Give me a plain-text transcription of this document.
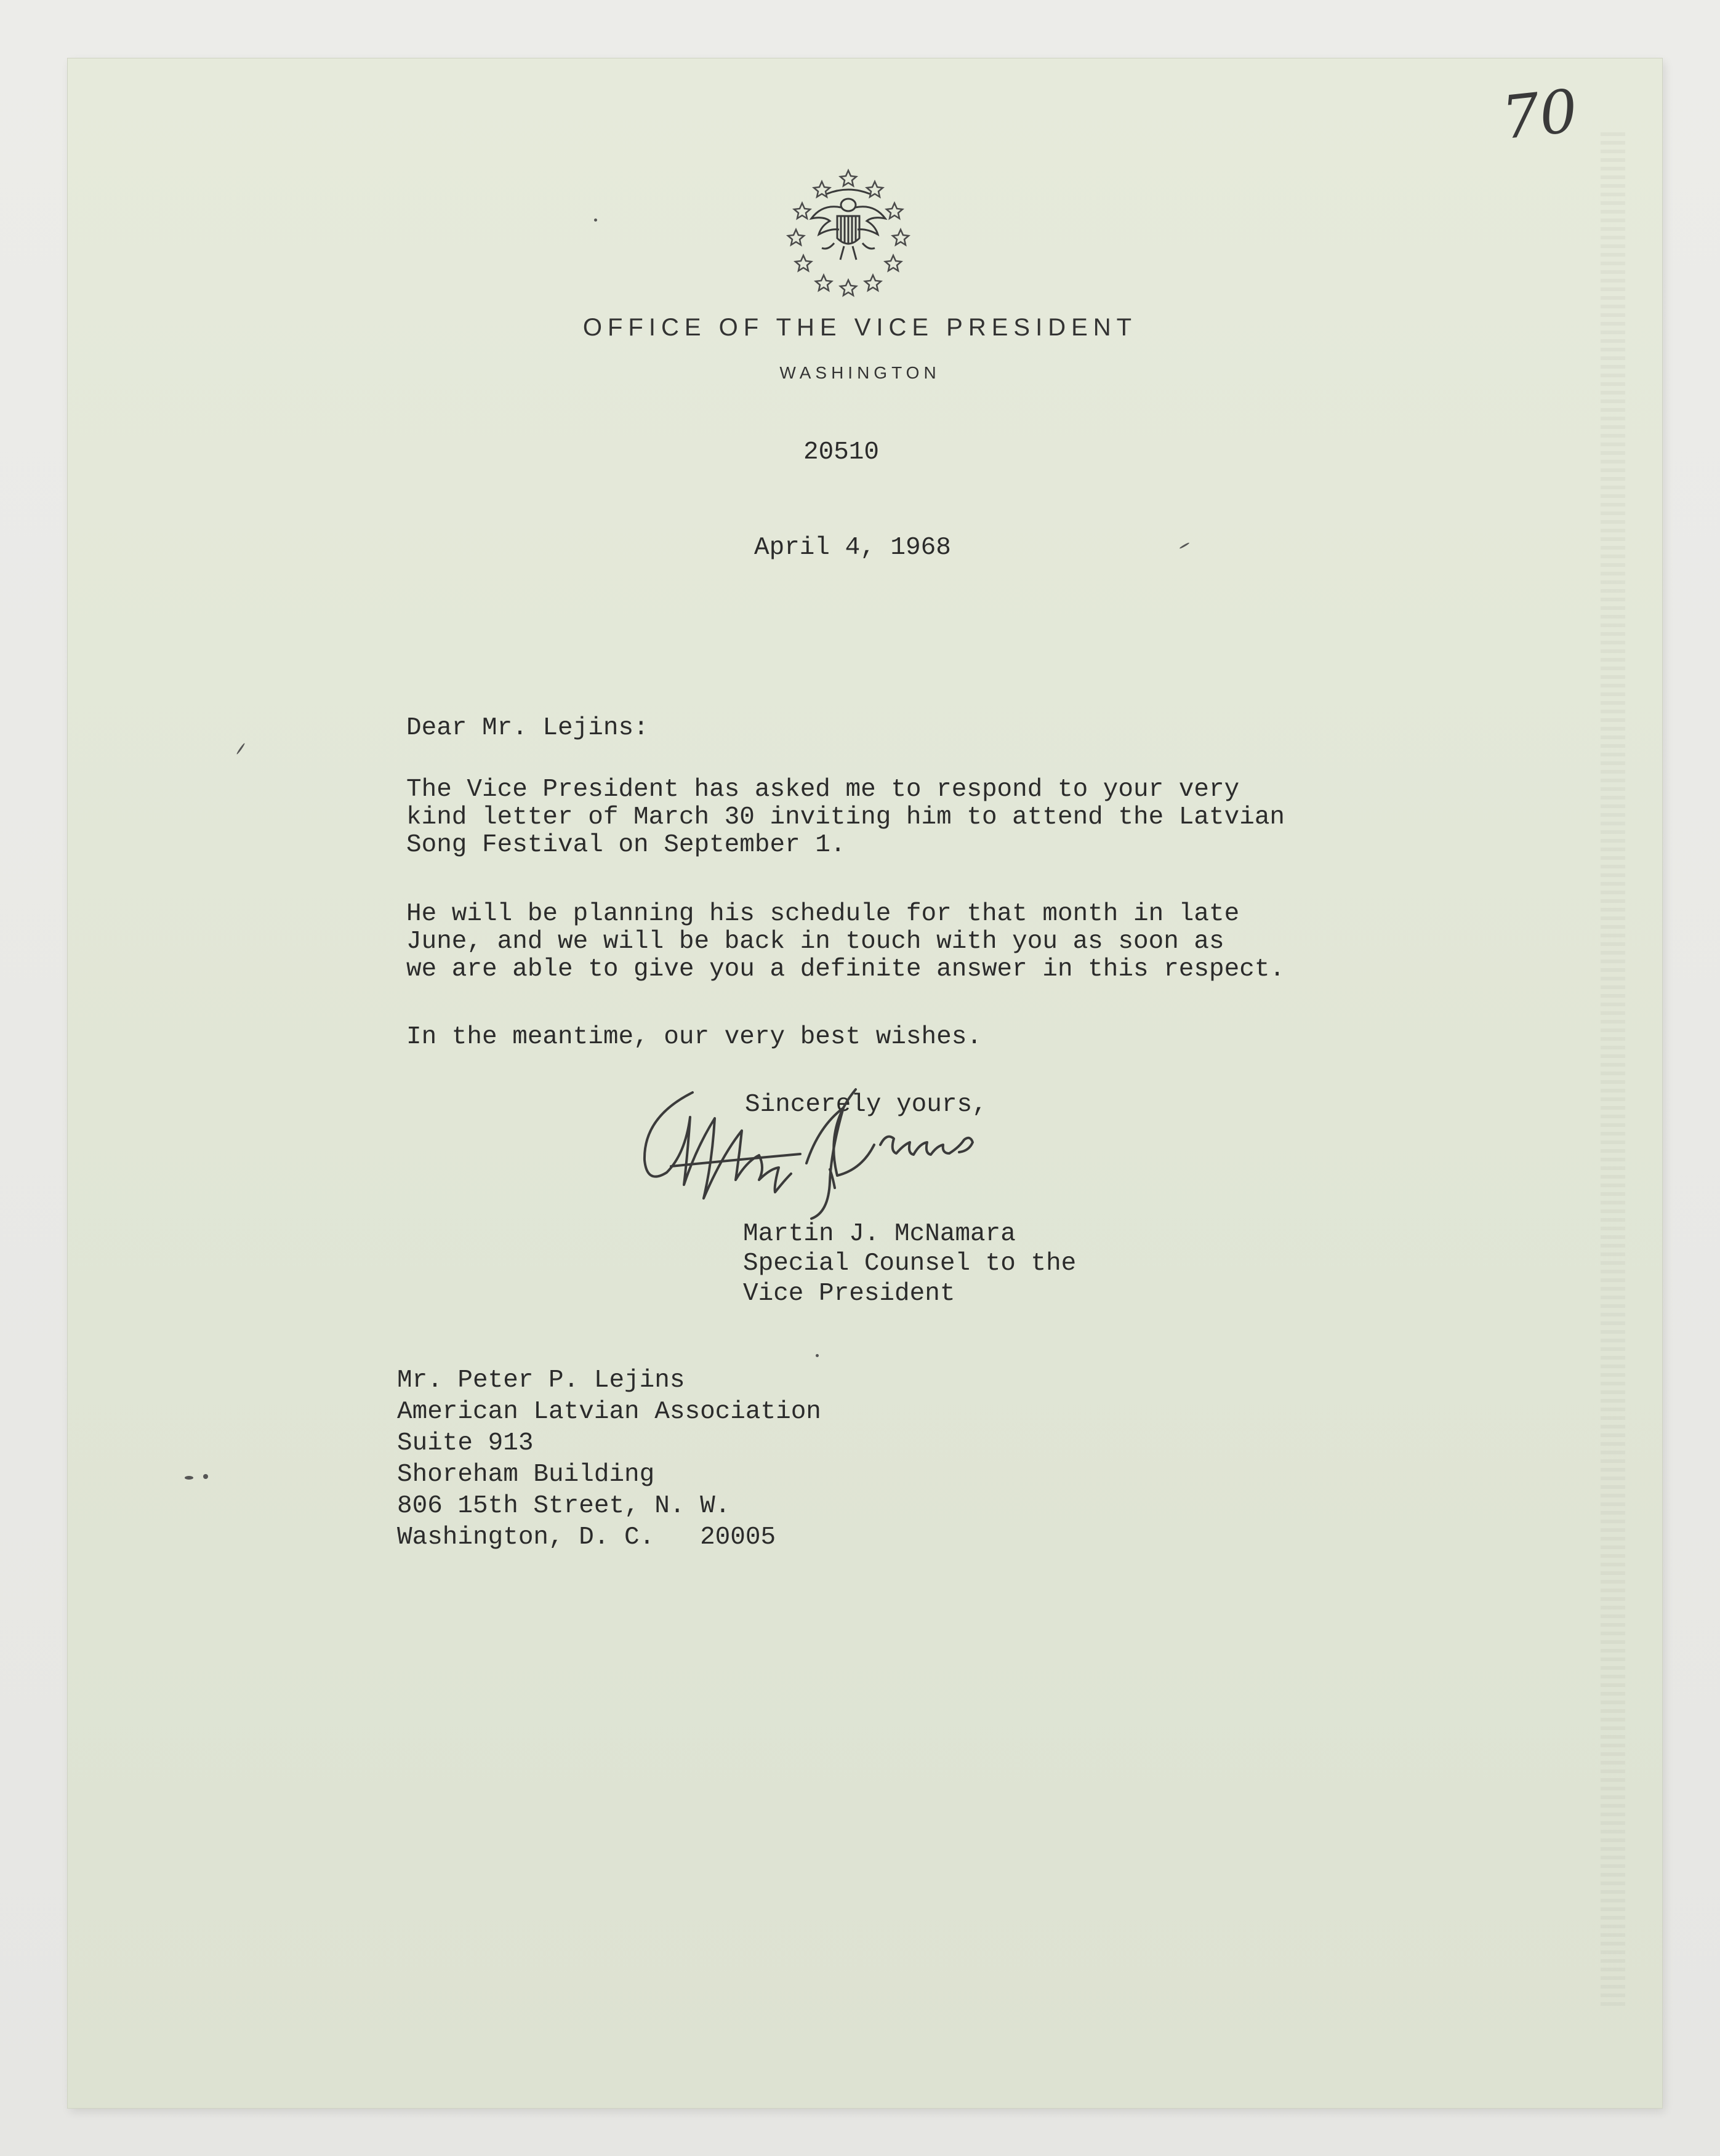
70
OFFICE OF THE VICE PRESIDENT
WASHINGTON
20510
April 4, 1968
Dear Mr. Lejins:
The Vice President has asked me to respond to your very
kind letter of March 30 inviting him to attend the Latvian
Song Festival on September 1.
He will be planning his schedule for that month in late
June, and we will be back in touch with you as soon as
we are able to give you a definite answer in this respect.
In the meantime, our very best wishes.
Sincerely yours,
Martin J. McNamara
Special Counsel to the
Vice President
Mr. Peter P. Lejins
American Latvian Association
Suite 913
Shoreham Building
806 15th Street, N. W.
Washington, D. C.   20005
